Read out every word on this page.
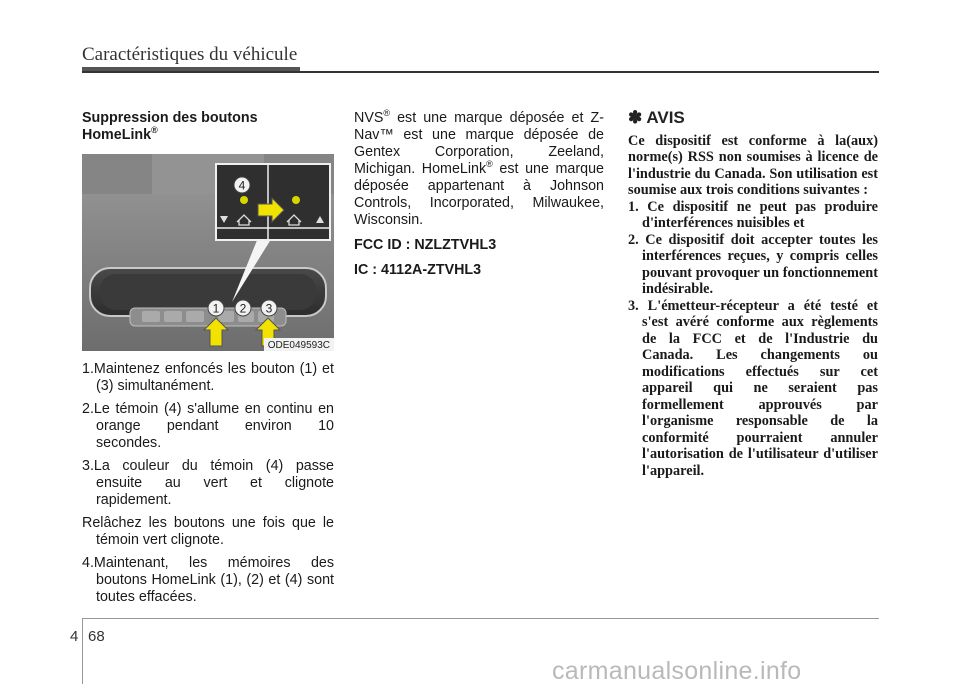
Caractéristiques du véhicule
Suppression des boutons
HomeLink®
4
1 2 3
ODE049593C
1.Maintenez enfoncés les bouton (1) et (3) simultanément.
2.Le témoin (4) s'allume en continu en orange pendant environ 10 secondes.
3.La couleur du témoin (4) passe ensuite au vert et clignote rapidement.
Relâchez les boutons une fois que le témoin vert clignote.
4.Maintenant, les mémoires des boutons HomeLink (1), (2) et (4) sont toutes effacées.
NVS® est une marque déposée et Z-Nav™ est une marque déposée de Gentex Corporation, Zeeland, Michigan. HomeLink® est une marque déposée appartenant à Johnson Controls, Incorporated, Milwaukee, Wisconsin.
FCC ID : NZLZTVHL3
IC : 4112A-ZTVHL3
✽ AVIS
Ce dispositif est conforme à la(aux) norme(s) RSS non soumises à licence de l'industrie du Canada. Son utilisation est soumise aux trois conditions suivantes :
1. Ce dispositif ne peut pas produire d'interférences nuisibles et
2. Ce dispositif doit accepter toutes les interférences reçues, y compris celles pouvant provoquer un fonctionnement indésirable.
3. L'émetteur-récepteur a été testé et s'est avéré conforme aux règlements de la FCC et de l'Industrie du Canada. Les changements ou modifications effectués sur cet appareil qui ne seraient pas formellement approuvés par l'organisme responsable de la conformité pourraient annuler l'autorisation de l'utilisateur d'utiliser l'appareil.
4 68
carmanualsonline.info
